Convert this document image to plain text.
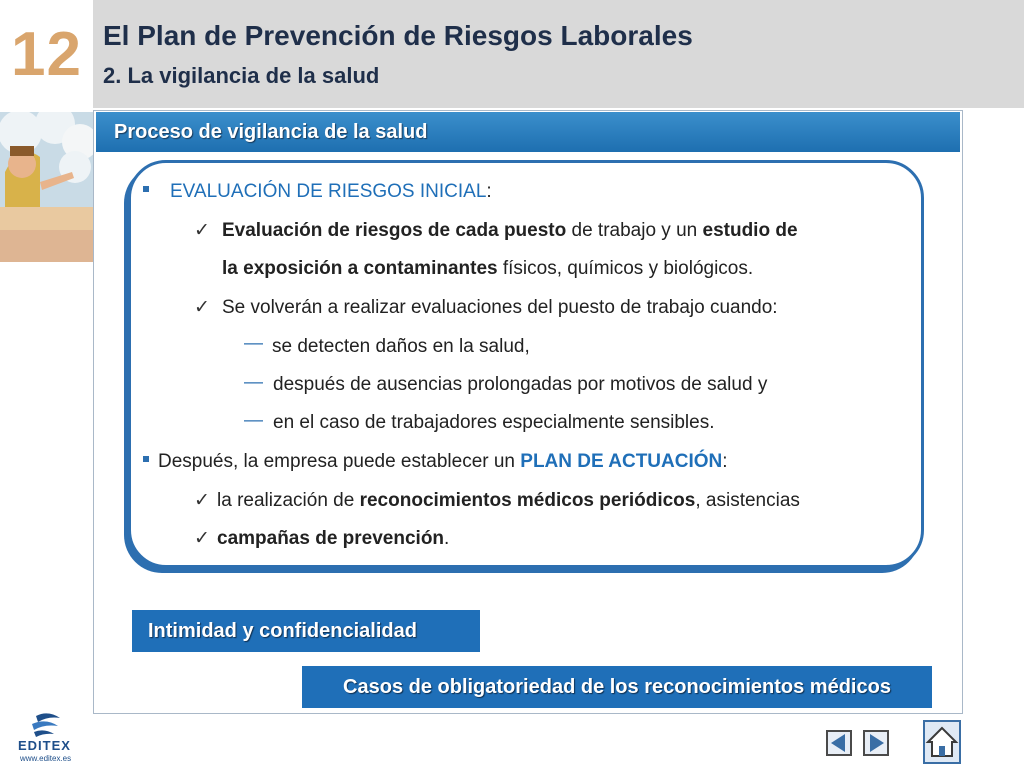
12 El Plan de Prevención de Riesgos Laborales
2. La vigilancia de la salud
Proceso de vigilancia de la salud
EVALUACIÓN DE RIESGOS INICIAL:
✓ Evaluación de riesgos de cada puesto de trabajo y un estudio de
la exposición a contaminantes físicos, químicos y biológicos.
✓ Se volverán a realizar evaluaciones del puesto de trabajo cuando:
— se detecten daños en la salud,
— después de ausencias prolongadas por motivos de salud y
— en el caso de trabajadores especialmente sensibles.
Después, la empresa puede establecer un PLAN DE ACTUACIÓN:
✓ la realización de reconocimientos médicos periódicos, asistencias
✓ campañas de prevención.
Intimidad y confidencialidad
Casos de obligatoriedad de los reconocimientos médicos
EDITEX
www.editex.es
